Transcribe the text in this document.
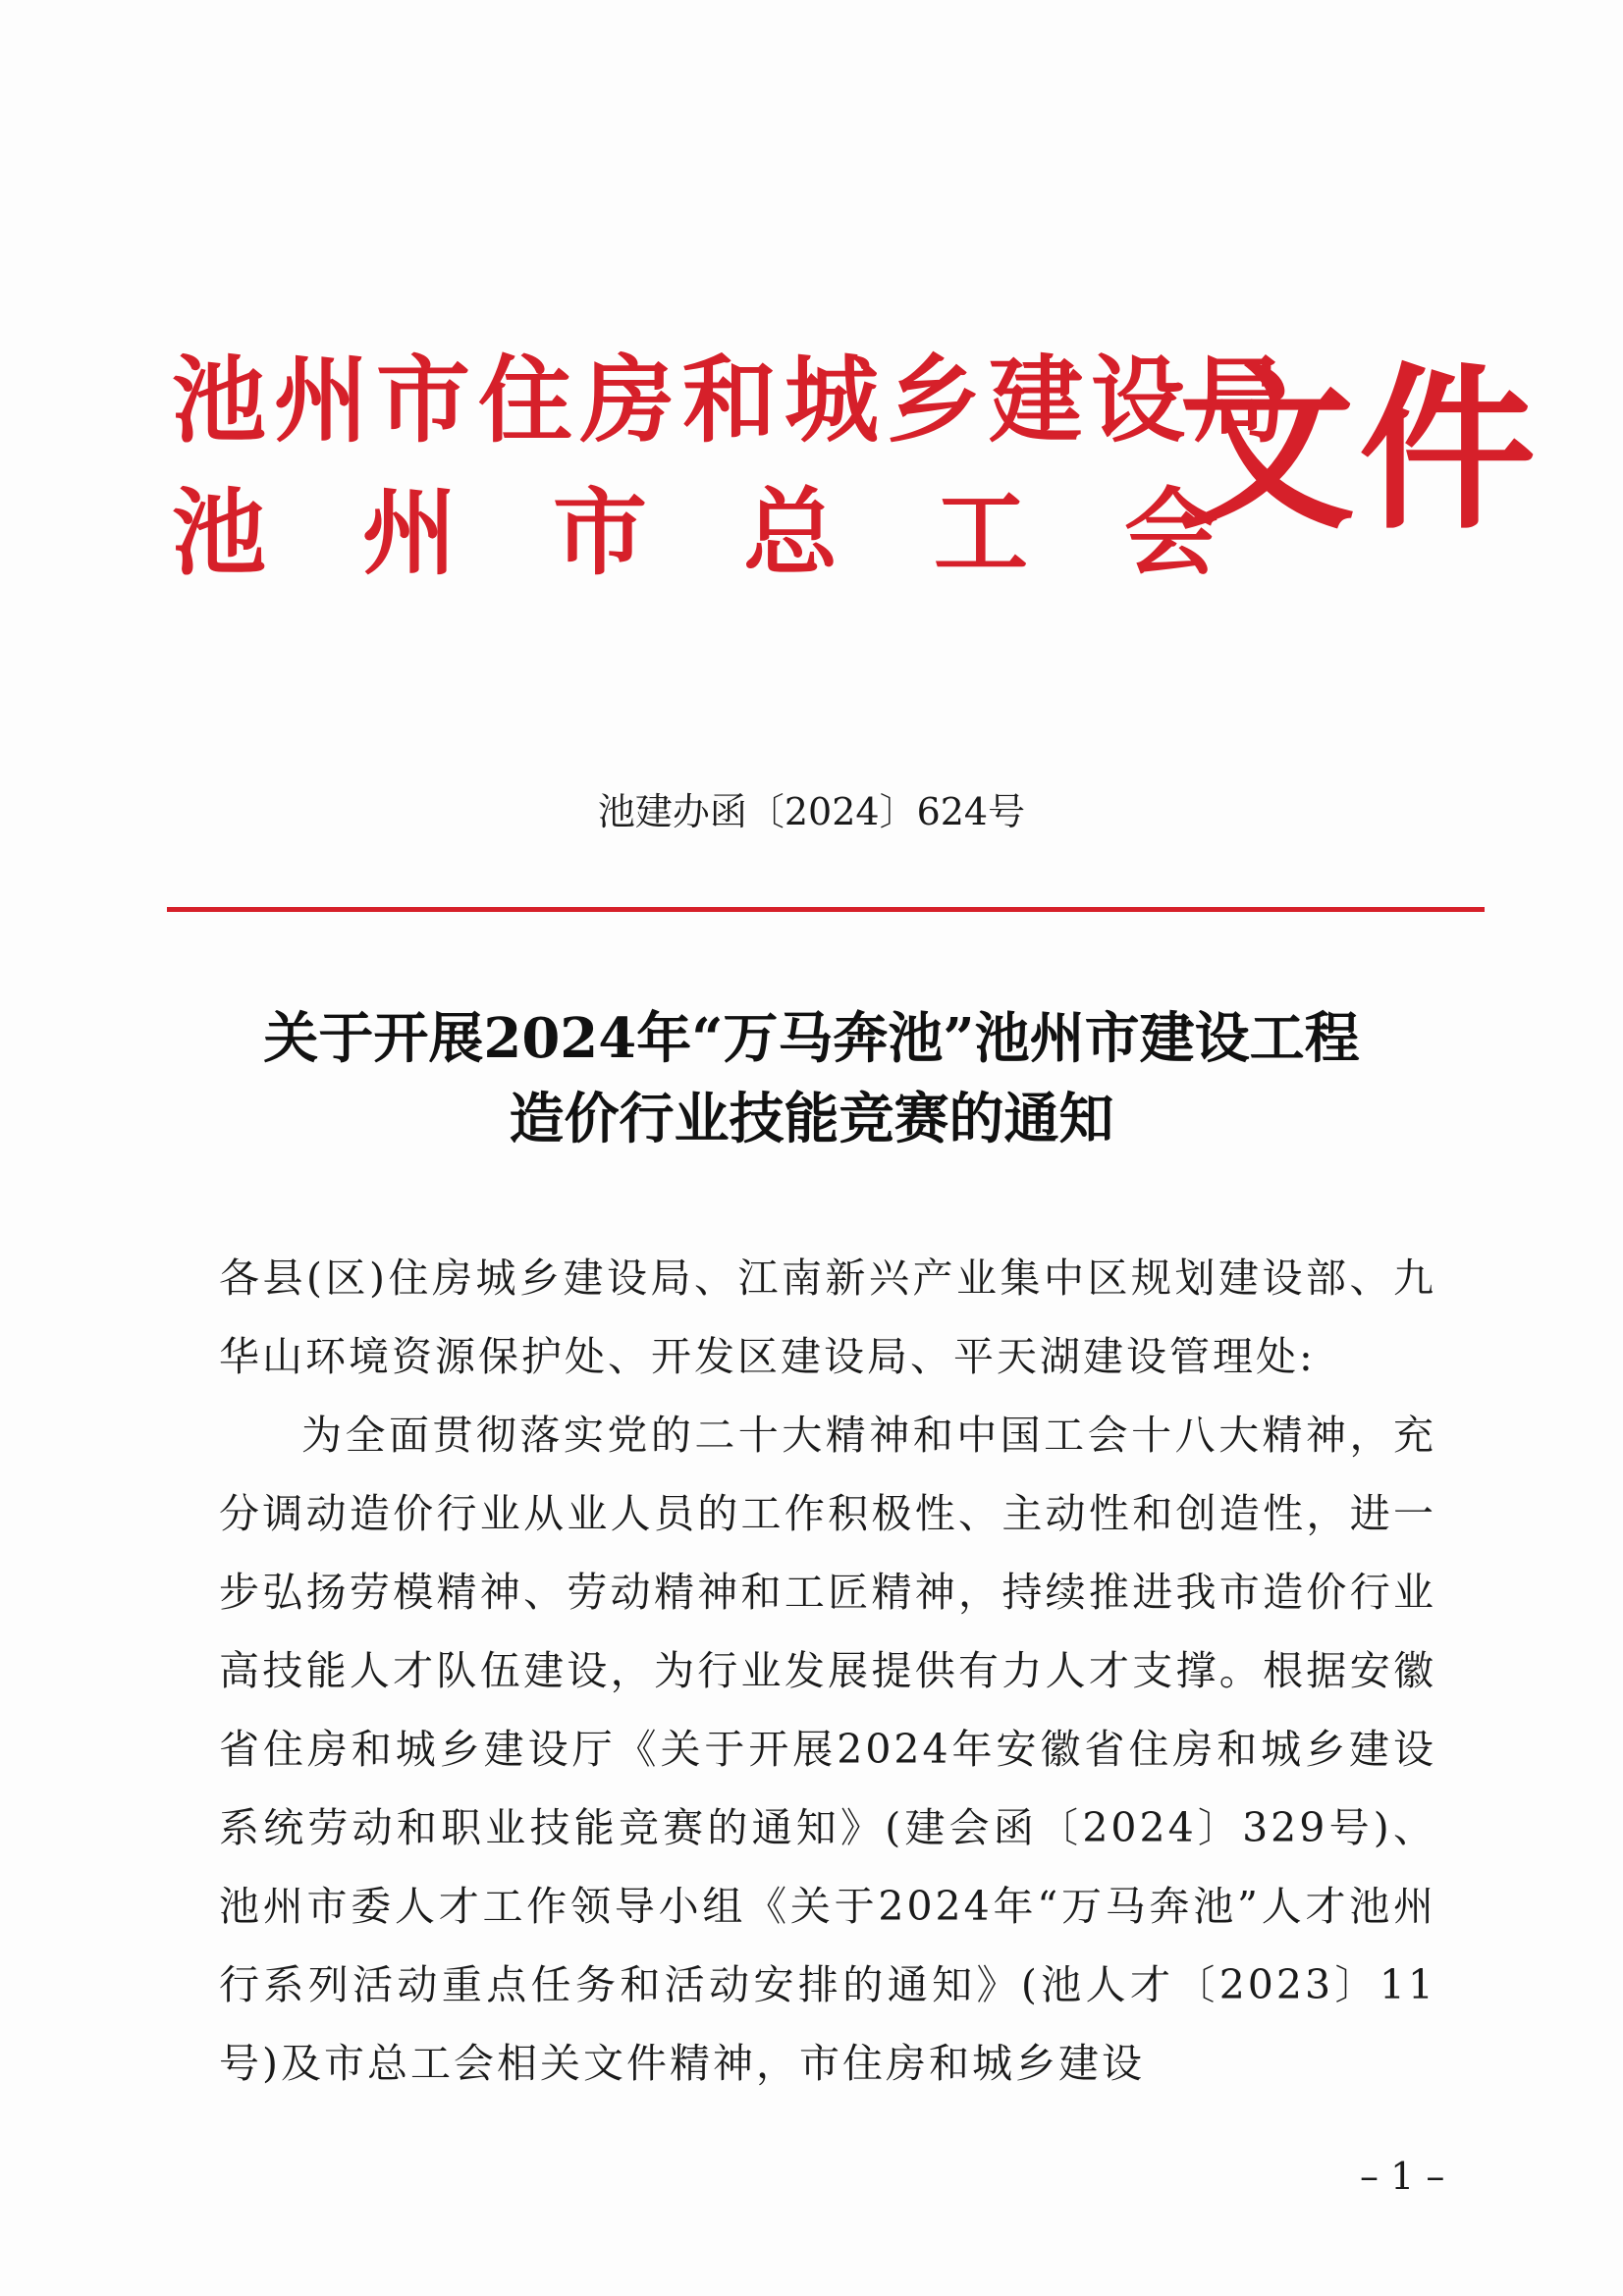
池州市住房和城乡建设局
池州市总工会
文件
池建办函〔2024〕624号
关于开展2024年“万马奔池”池州市建设工程
造价行业技能竞赛的通知

各县(区)住房城乡建设局、江南新兴产业集中区规划建设部、九华山环境资源保护处、开发区建设局、平天湖建设管理处:

为全面贯彻落实党的二十大精神和中国工会十八大精神，充分调动造价行业从业人员的工作积极性、主动性和创造性，进一步弘扬劳模精神、劳动精神和工匠精神，持续推进我市造价行业高技能人才队伍建设，为行业发展提供有力人才支撑。根据安徽省住房和城乡建设厅《关于开展2024年安徽省住房和城乡建设系统劳动和职业技能竞赛的通知》(建会函〔2024〕329号)、池州市委人才工作领导小组《关于2024年“万马奔池”人才池州行系列活动重点任务和活动安排的通知》(池人才〔2023〕11号)及市总工会相关文件精神，市住房和城乡建设

– 1 –
